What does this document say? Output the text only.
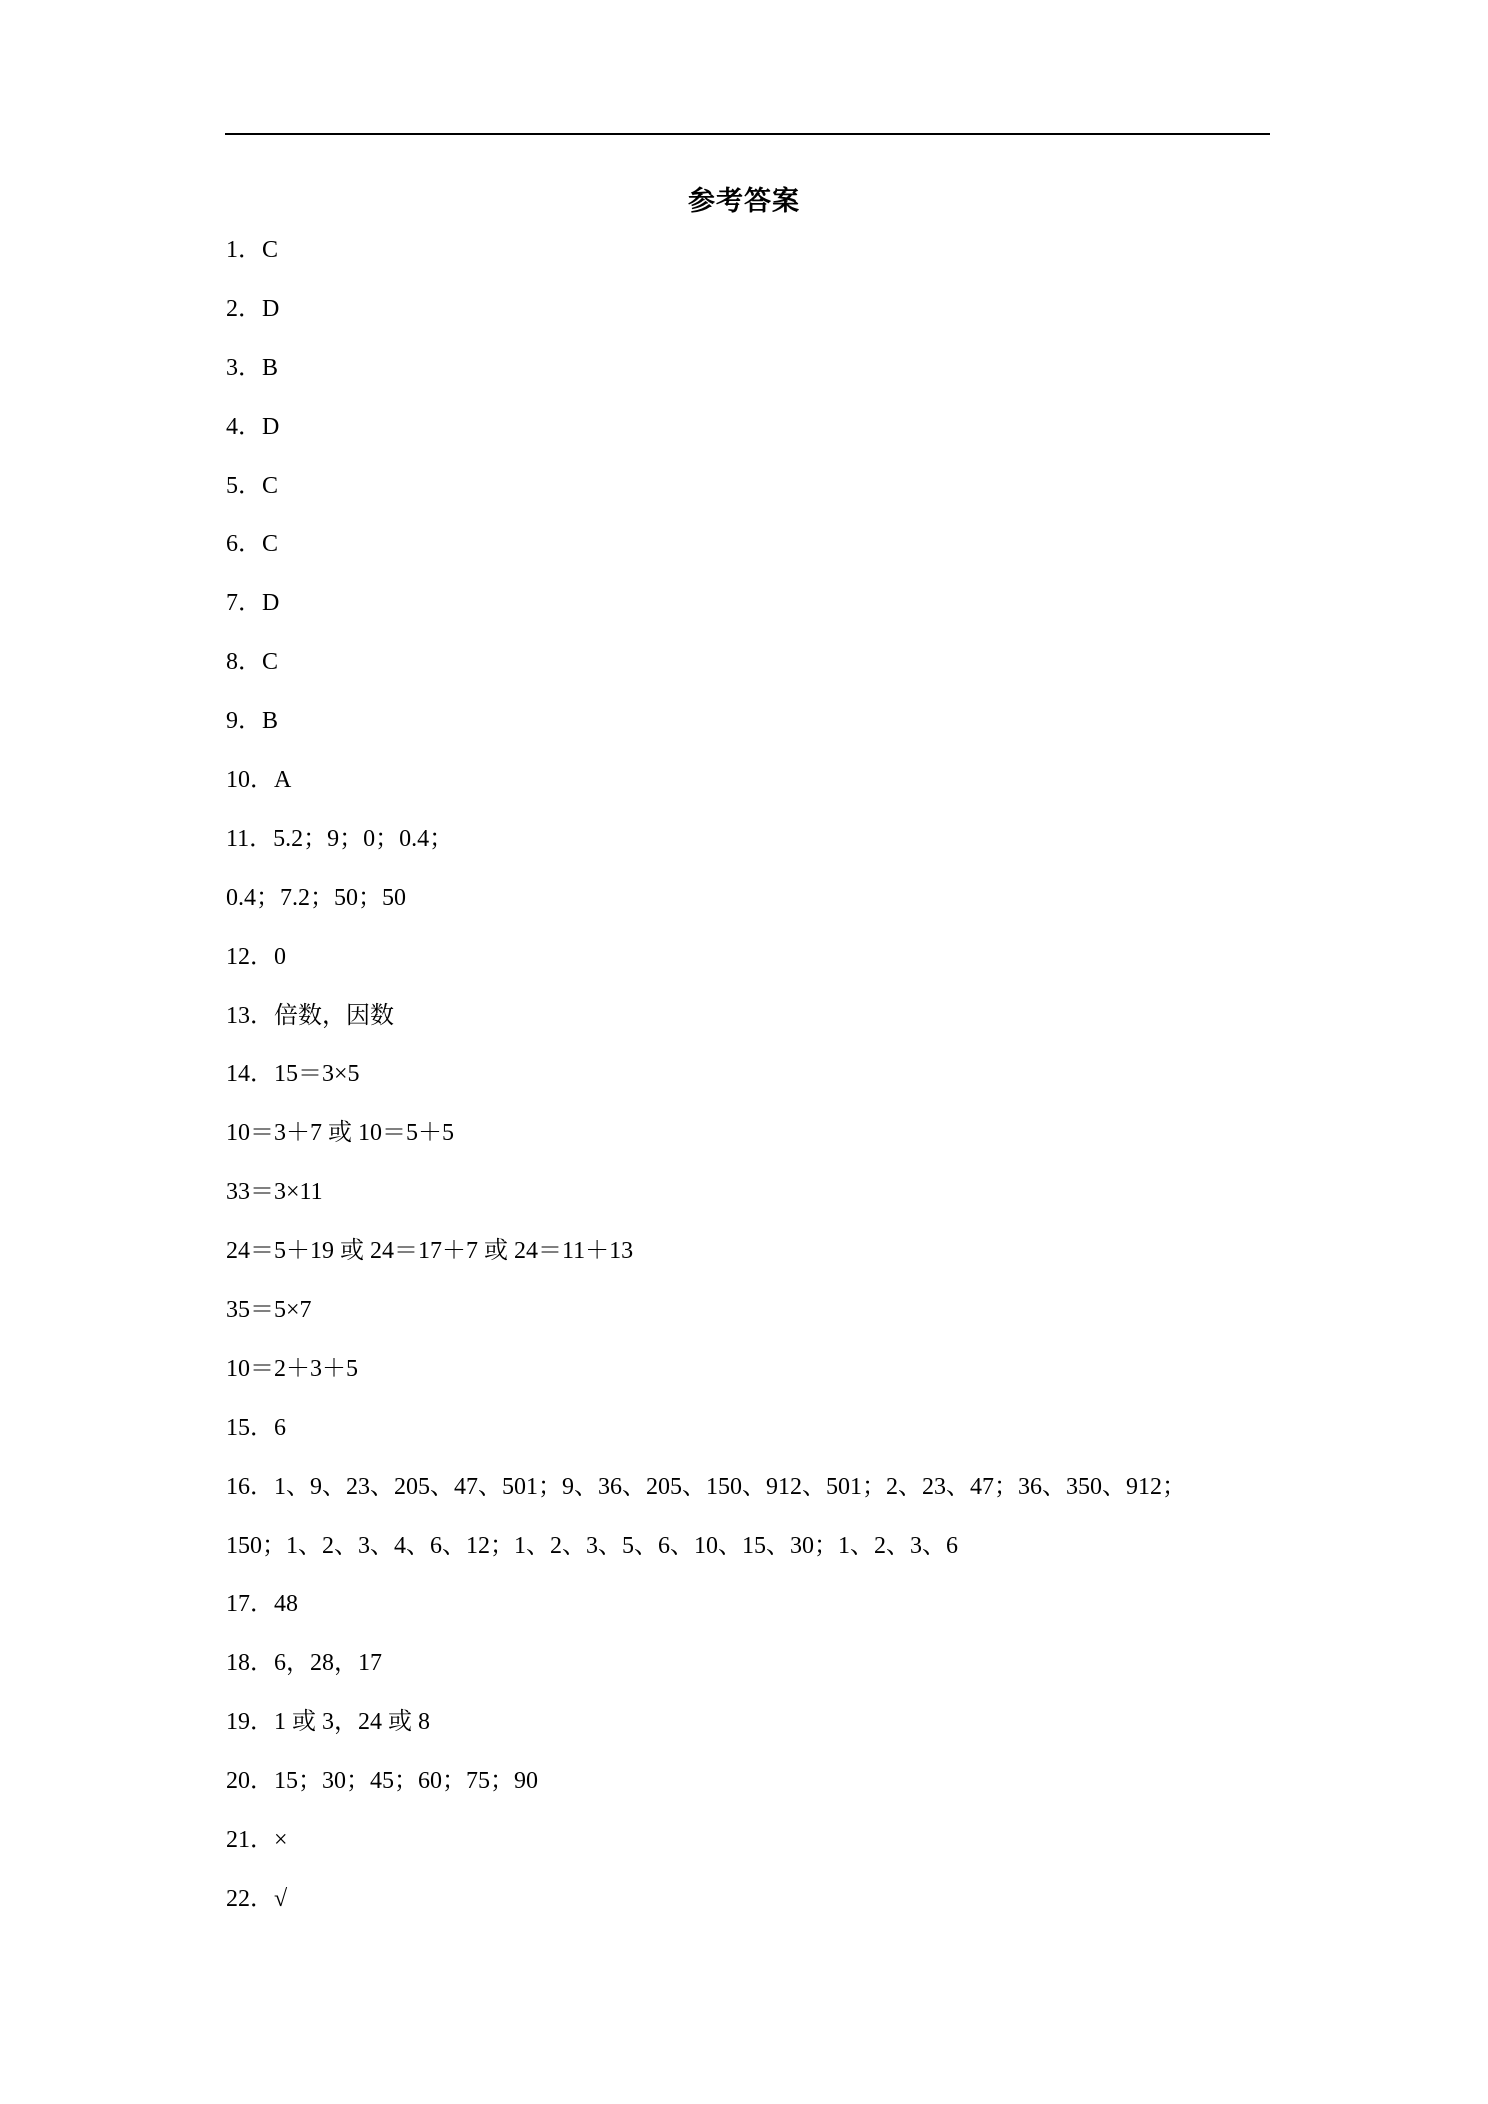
参考答案
1．C
2．D
3．B
4．D
5．C
6．C
7．D
8．C
9．B
10．A
11．5.2；9；0；0.4；
0.4；7.2；50；50
12．0
13．倍数，因数
14．15＝3×5
10＝3＋7 或 10＝5＋5
33＝3×11
24＝5＋19 或 24＝17＋7 或 24＝11＋13
35＝5×7
10＝2＋3＋5
15．6
16．1、9、23、205、47、501；9、36、205、150、912、501；2、23、47；36、350、912；
150；1、2、3、4、6、12；1、2、3、5、6、10、15、30；1、2、3、6
17．48
18．6，28，17
19．1 或 3，24 或 8
20．15；30；45；60；75；90
21．×
22．√
